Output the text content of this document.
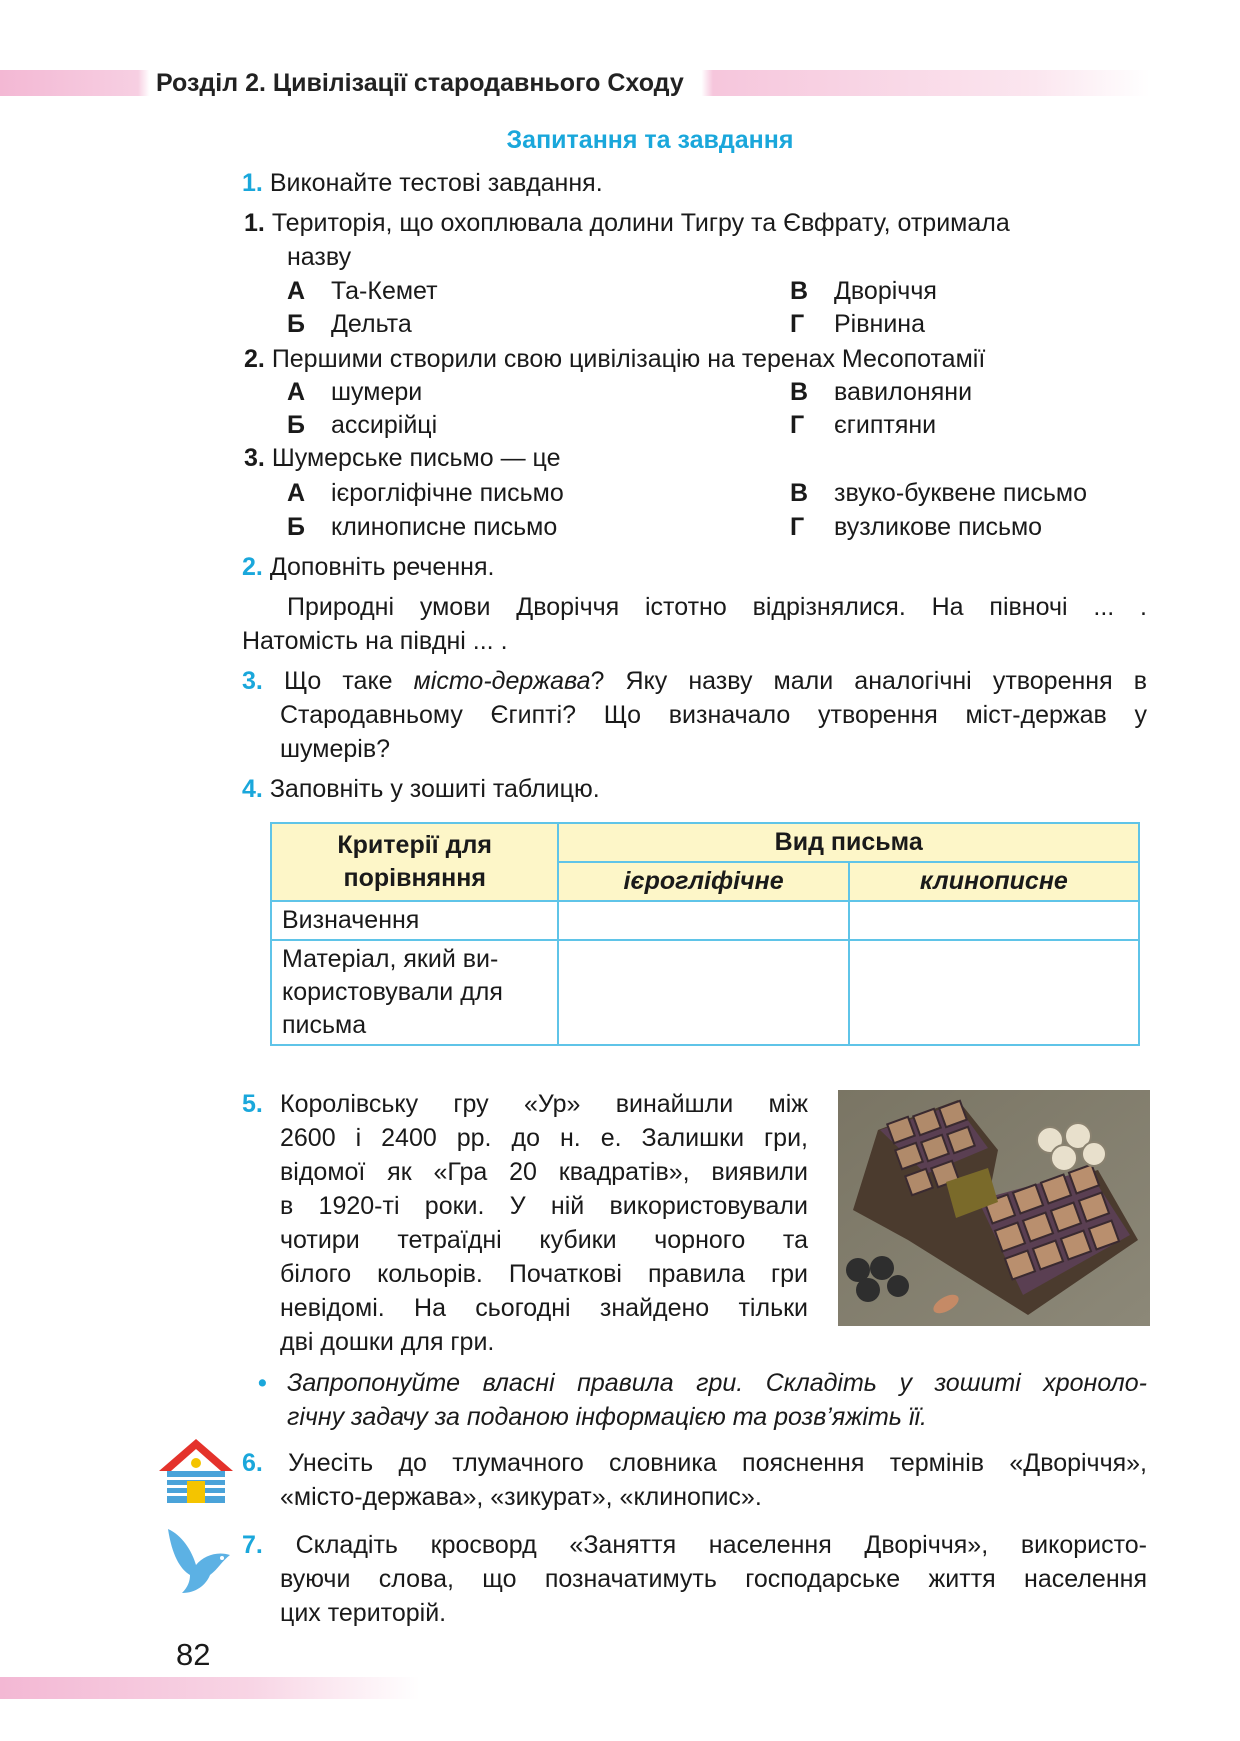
Розділ 2. Цивілізації стародавнього Сходу
Запитання та завдання
1. Виконайте тестові завдання.
1. Територія, що охоплювала долини Тигру та Євфрату, отримала
назву
А Та-Кемет	В Дворіччя
Б Дельта	Г Рівнина
2. Першими створили свою цивілізацію на теренах Месопотамії
А шумери	В вавилоняни
Б ассирійці	Г єгиптяни
3. Шумерське письмо — це
А ієрогліфічне письмо	В звуко-буквене письмо
Б клинописне письмо	Г вузликове письмо
2. Доповніть речення.
Природні умови Дворіччя істотно відрізнялися. На півночі ... .
Натомість на півдні ... .
3. Що таке місто-держава? Яку назву мали аналогічні утворення в
Стародавньому Єгипті? Що визначало утворення міст-держав у
шумерів?
4. Заповніть у зошиті таблицю.
Критерії для
порівняння	Вид письма	
	ієрогліфічне	клинописне
Визначення		

Матеріал, який ви-
користовували для
письма		

5. Королівську гру «Ур» винайшли між
2600 і 2400 рр. до н. е. Залишки гри,
відомої як «Гра 20 квадратів», виявили
в 1920-ті роки. У ній використовували
чотири тетраїдні кубики чорного та
білого кольорів. Початкові правила гри
невідомі. На сьогодні знайдено тільки
дві дошки для гри.
• Запропонуйте власні правила гри. Складіть у зошиті хроноло-
гічну задачу за поданою інформацією та розв’яжіть її.
6. Унесіть до тлумачного словника пояснення термінів «Дворіччя»,
«місто-держава», «зикурат», «клинопис».
7. Складіть кросворд «Заняття населення Дворіччя», використо-
вуючи слова, що позначатимуть господарське життя населення
цих територій.
82
